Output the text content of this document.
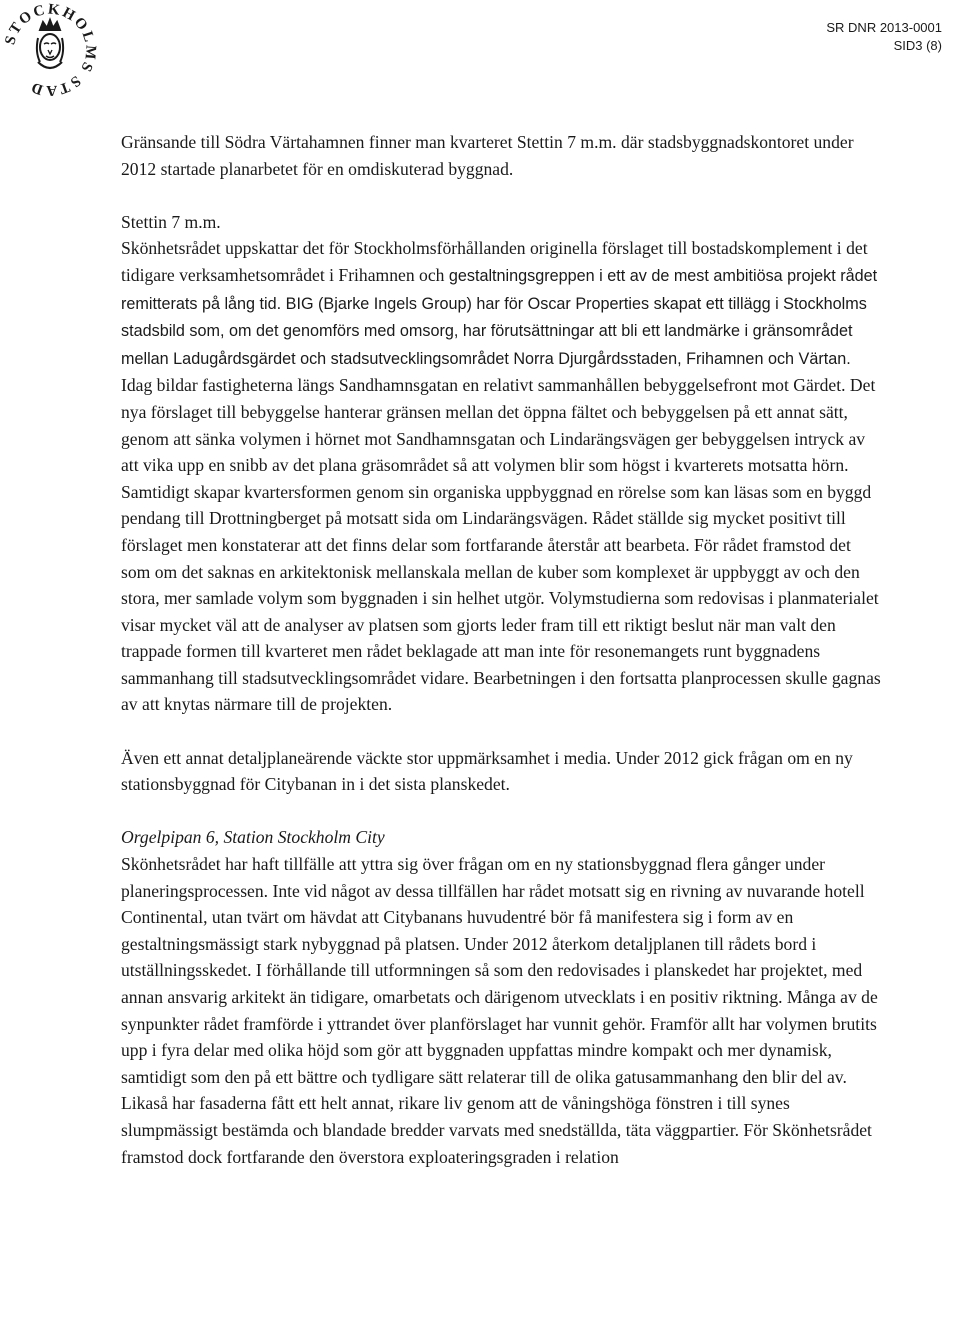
STOCKHOLMS STAD
SR DNR 2013-0001
SID3 (8)

Gränsande till Södra Värtahamnen finner man kvarteret Stettin 7 m.m. där stadsbyggnadskontoret under 2012 startade planarbetet för en omdiskuterad byggnad.

Stettin 7 m.m.

Skönhetsrådet uppskattar det för Stockholmsförhållanden originella förslaget till bostadskomplement i det tidigare verksamhetsområdet i Frihamnen och gestaltningsgreppen i ett av de mest ambitiösa projekt rådet remitterats på lång tid. BIG (Bjarke Ingels Group) har för Oscar Properties skapat ett tillägg i Stockholms stadsbild som, om det genomförs med omsorg, har förutsättningar att bli ett landmärke i gränsområdet mellan Ladugårdsgärdet och stadsutvecklingsområdet Norra Djurgårdsstaden, Frihamnen och Värtan. Idag bildar fastigheterna längs Sandhamnsgatan en relativt sammanhållen bebyggelsefront mot Gärdet. Det nya förslaget till bebyggelse hanterar gränsen mellan det öppna fältet och bebyggelsen på ett annat sätt, genom att sänka volymen i hörnet mot Sandhamnsgatan och Lindarängsvägen ger bebyggelsen intryck av att vika upp en snibb av det plana gräsområdet så att volymen blir som högst i kvarterets motsatta hörn. Samtidigt skapar kvartersformen genom sin organiska uppbyggnad en rörelse som kan läsas som en byggd pendang till Drottningberget på motsatt sida om Lindarängsvägen. Rådet ställde sig mycket positivt till förslaget men konstaterar att det finns delar som fortfarande återstår att bearbeta. För rådet framstod det som om det saknas en arkitektonisk mellanskala mellan de kuber som komplexet är uppbyggt av och den stora, mer samlade volym som byggnaden i sin helhet utgör. Volymstudierna som redovisas i planmaterialet visar mycket väl att de analyser av platsen som gjorts leder fram till ett riktigt beslut när man valt den trappade formen till kvarteret men rådet beklagade att man inte för resonemangets runt byggnadens sammanhang till stadsutvecklingsområdet vidare. Bearbetningen i den fortsatta planprocessen skulle gagnas av att knytas närmare till de projekten.

Även ett annat detaljplaneärende väckte stor uppmärksamhet i media. Under 2012 gick frågan om en ny stationsbyggnad för Citybanan in i det sista planskedet.

Orgelpipan 6, Station Stockholm City

Skönhetsrådet har haft tillfälle att yttra sig över frågan om en ny stationsbyggnad flera gånger under planeringsprocessen. Inte vid något av dessa tillfällen har rådet motsatt sig en rivning av nuvarande hotell Continental, utan tvärt om hävdat att Citybanans huvudentré bör få manifestera sig i form av en gestaltningsmässigt stark nybyggnad på platsen. Under 2012 återkom detaljplanen till rådets bord i utställningsskedet. I förhållande till utformningen så som den redovisades i planskedet har projektet, med annan ansvarig arkitekt än tidigare, omarbetats och därigenom utvecklats i en positiv riktning. Många av de synpunkter rådet framförde i yttrandet över planförslaget har vunnit gehör. Framför allt har volymen brutits upp i fyra delar med olika höjd som gör att byggnaden uppfattas mindre kompakt och mer dynamisk, samtidigt som den på ett bättre och tydligare sätt relaterar till de olika gatusammanhang den blir del av. Likaså har fasaderna fått ett helt annat, rikare liv genom att de våningshöga fönstren i till synes slumpmässigt bestämda och blandade bredder varvats med snedställda, täta väggpartier. För Skönhetsrådet framstod dock fortfarande den överstora exploateringsgraden i relation
